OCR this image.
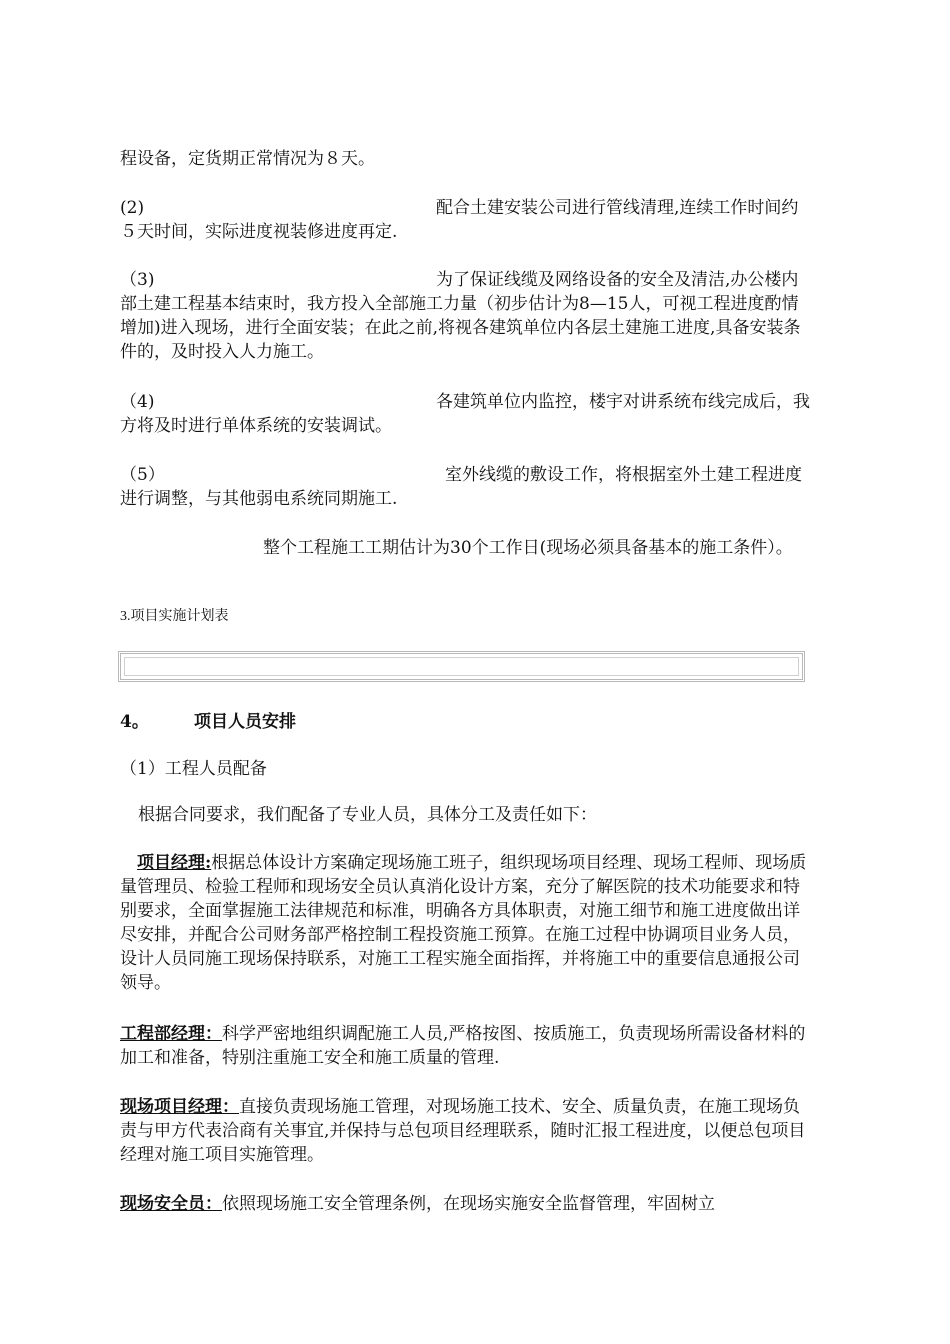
程设备，定货期正常情况为８天。

(2)	配合土建安装公司进行管线清理,连续工作时间约５天时间，实际进度视装修进度再定.

（3)	为了保证线缆及网络设备的安全及清洁,办公楼内部土建工程基本结束时，我方投入全部施工力量（初步估计为8—15人，可视工程进度酌情增加)进入现场，进行全面安装；在此之前,将视各建筑单位内各层土建施工进度,具备安装条件的，及时投入人力施工。

（4)	各建筑单位内监控，楼宇对讲系统布线完成后，我方将及时进行单体系统的安装调试。

（5）	室外线缆的敷设工作，将根据室外土建工程进度进行调整，与其他弱电系统同期施工.

整个工程施工工期估计为30个工作日(现场必须具备基本的施工条件）。

3.项目实施计划表

4。	项目人员安排

（1）工程人员配备

根据合同要求，我们配备了专业人员，具体分工及责任如下：

项目经理:根据总体设计方案确定现场施工班子，组织现场项目经理、现场工程师、现场质量管理员、检验工程师和现场安全员认真消化设计方案，充分了解医院的技术功能要求和特别要求，全面掌握施工法律规范和标准，明确各方具体职责，对施工细节和施工进度做出详尽安排，并配合公司财务部严格控制工程投资施工预算。在施工过程中协调项目业务人员，设计人员同施工现场保持联系，对施工工程实施全面指挥，并将施工中的重要信息通报公司领导。

工程部经理：科学严密地组织调配施工人员,严格按图、按质施工，负责现场所需设备材料的加工和准备，特别注重施工安全和施工质量的管理.

现场项目经理：直接负责现场施工管理，对现场施工技术、安全、质量负责，在施工现场负责与甲方代表洽商有关事宜,并保持与总包项目经理联系，随时汇报工程进度，以便总包项目经理对施工项目实施管理。

现场安全员：依照现场施工安全管理条例，在现场实施安全监督管理，牢固树立
